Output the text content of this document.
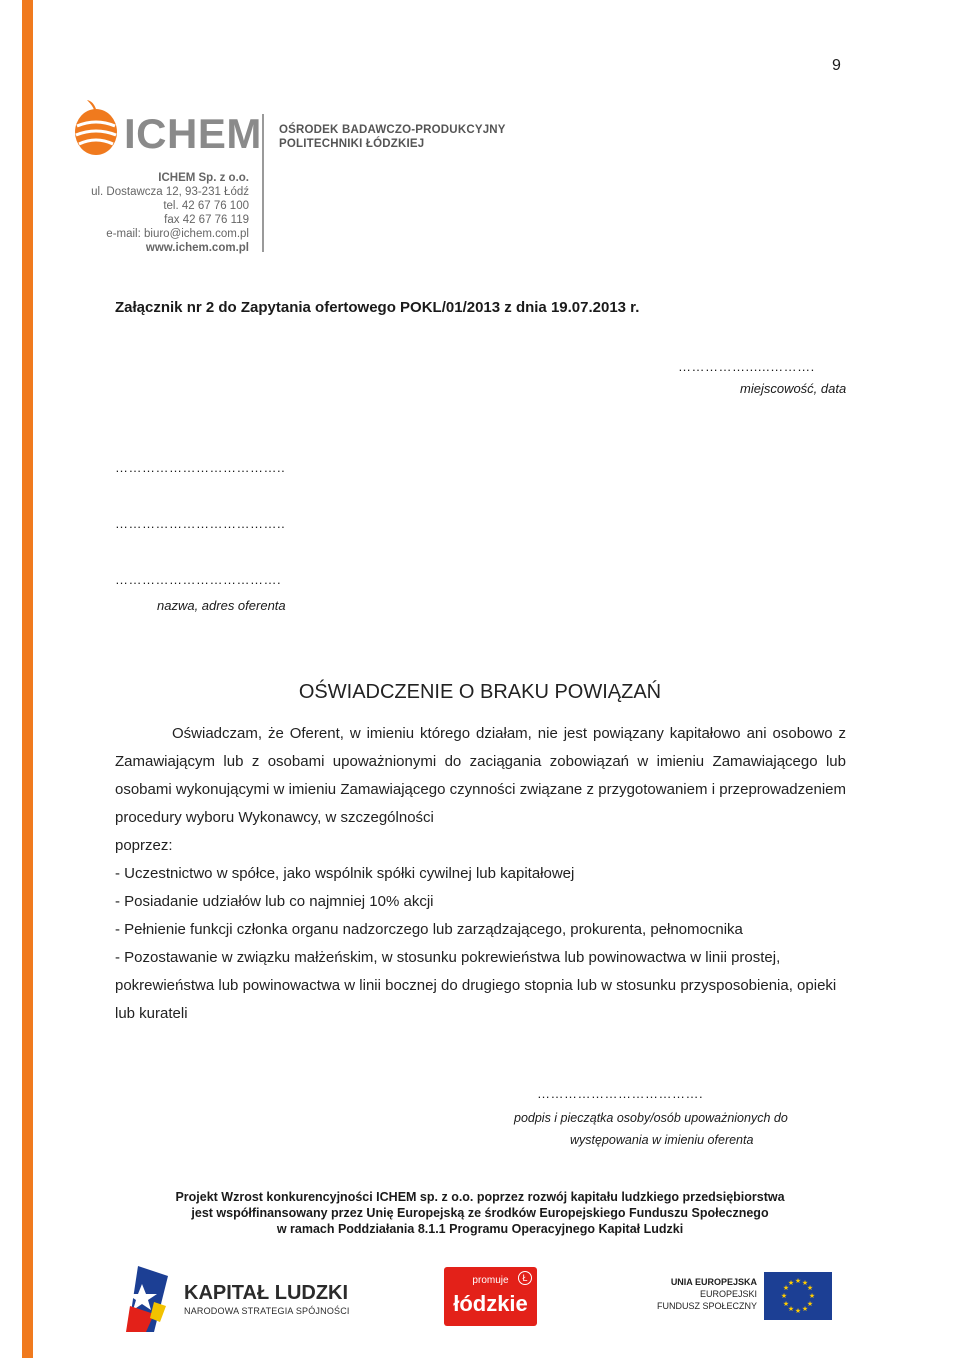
9
ICHEM OŚRODEK BADAWCZO-PRODUKCYJNY
POLITECHNIKI ŁÓDZKIEJ
ICHEM Sp. z o.o.
ul. Dostawcza 12, 93-231 Łódź
tel. 42 67 76 100
fax 42 67 76 119
e-mail: biuro@ichem.com.pl
www.ichem.com.pl
Załącznik nr 2 do Zapytania ofertowego POKL/01/2013 z dnia 19.07.2013 r.
……………......……….
miejscowość, data
………………………………..
………………………………..
……………………………….
nazwa, adres oferenta
OŚWIADCZENIE O BRAKU POWIĄZAŃ

Oświadczam, że Oferent, w imieniu którego działam, nie jest powiązany kapitałowo ani osobowo z Zamawiającym lub z osobami upoważnionymi do zaciągania zobowiązań w imieniu Zamawiającego lub osobami wykonującymi w imieniu Zamawiającego czynności związane z przygotowaniem i przeprowadzeniem procedury wyboru Wykonawcy, w szczególności

poprzez:

- Uczestnictwo w spółce, jako wspólnik spółki cywilnej lub kapitałowej

- Posiadanie udziałów lub co najmniej 10% akcji

- Pełnienie funkcji członka organu nadzorczego lub zarządzającego, prokurenta, pełnomocnika

- Pozostawanie w związku małżeńskim, w stosunku pokrewieństwa lub powinowactwa w linii prostej, pokrewieństwa lub powinowactwa w linii bocznej do drugiego stopnia lub w stosunku przysposobienia, opieki lub kurateli

……………………………….
podpis i pieczątka osoby/osób upoważnionych do
występowania w imieniu oferenta
Projekt Wzrost konkurencyjności ICHEM sp. z o.o. poprzez rozwój kapitału ludzkiego przedsiębiorstwa
jest współfinansowany przez Unię Europejską ze środków Europejskiego Funduszu Społecznego
w ramach Poddziałania 8.1.1 Programu Operacyjnego Kapitał Ludzki
KAPITAŁ LUDZKI
NARODOWA STRATEGIA SPÓJNOŚCI
Ł
promuje
łódzkie
UNIA EUROPEJSKA
EUROPEJSKI
FUNDUSZ SPOŁECZNY
★ ★
★
★
★
★
★
★
★
★
★
★
